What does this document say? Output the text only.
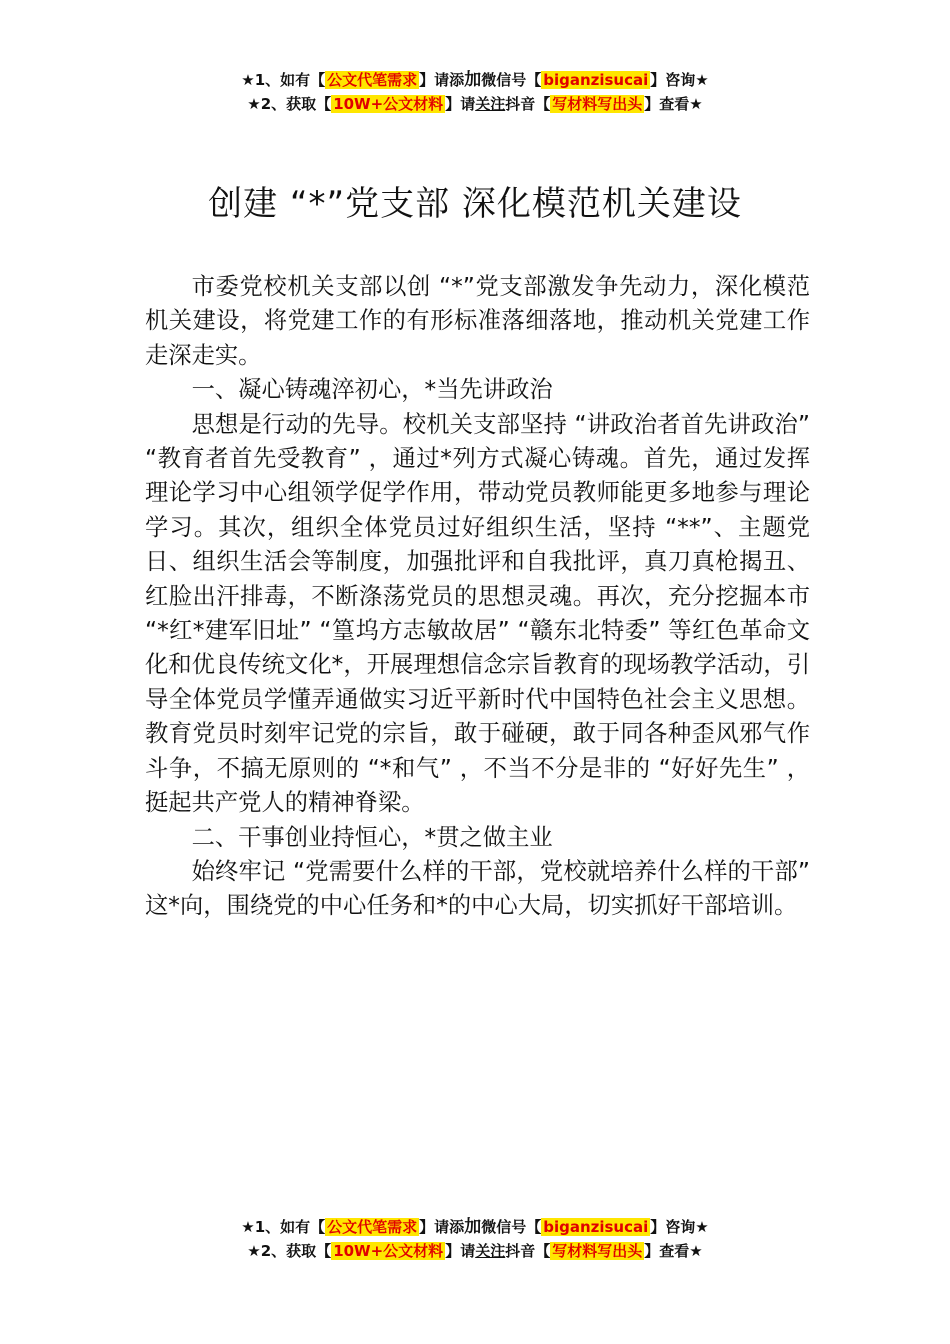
★1、如有【 公文代笔需求 】请添加微信号【 biganzisucai 】咨询★
★2、获取【 10W+公文材料 】请关注抖音【 写材料写出头 】查看★
创建 “*”党支部 深化模范机关建设

市委党校机关支部以创 “*”党支部激发争先动力，深化模范机关建设，将党建工作的有形标准落细落地，推动机关党建工作走深走实。

一、凝心铸魂淬初心，*当先讲政治

思想是行动的先导。校机关支部坚持 “讲政治者首先讲政治” “教育者首先受教育” ，通过*列方式凝心铸魂。首先，通过发挥理论学习中心组领学促学作用，带动党员教师能更多地参与理论学习。其次，组织全体党员过好组织生活，坚持 “**”、主题党日、组织生活会等制度，加强批评和自我批评，真刀真枪揭丑、红脸出汗排毒，不断涤荡党员的思想灵魂。再次，充分挖掘本市 “*红*建军旧址” “篁坞方志敏故居” “赣东北特委” 等红色革命文化和优良传统文化*，开展理想信念宗旨教育的现场教学活动，引导全体党员学懂弄通做实习近平新时代中国特色社会主义思想。教育党员时刻牢记党的宗旨，敢于碰硬，敢于同各种歪风邪气作斗争，不搞无原则的 “*和气” ，不当不分是非的 “好好先生” ，挺起共产党人的精神脊梁。

二、干事创业持恒心，*贯之做主业

始终牢记 “党需要什么样的干部，党校就培养什么样的干部” 这*向，围绕党的中心任务和*的中心大局，切实抓好干部培训。

★1、如有【 公文代笔需求 】请添加微信号【 biganzisucai 】咨询★
★2、获取【 10W+公文材料 】请关注抖音【 写材料写出头 】查看★
